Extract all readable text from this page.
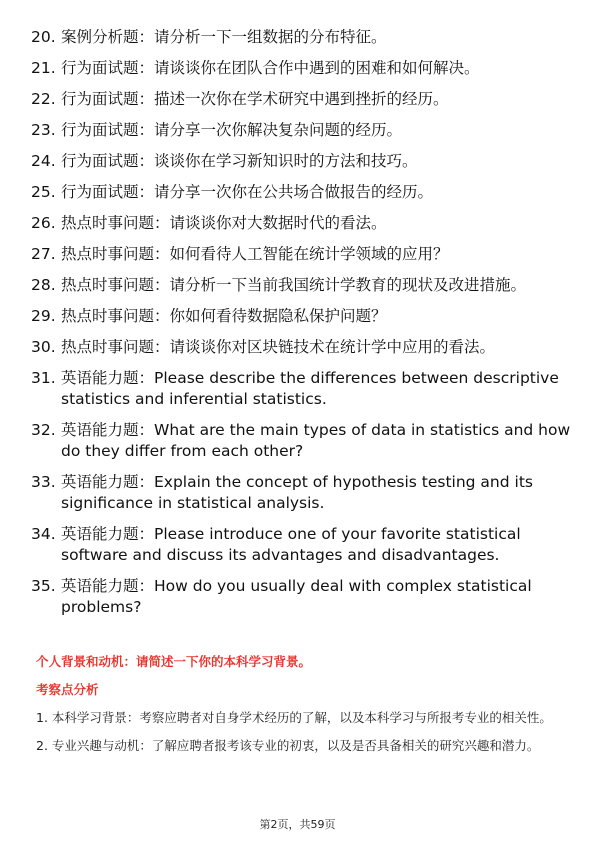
20. 案例分析题：请分析一下一组数据的分布特征。
21. 行为面试题：请谈谈你在团队合作中遇到的困难和如何解决。
22. 行为面试题：描述一次你在学术研究中遇到挫折的经历。
23. 行为面试题：请分享一次你解决复杂问题的经历。
24. 行为面试题：谈谈你在学习新知识时的方法和技巧。
25. 行为面试题：请分享一次你在公共场合做报告的经历。
26. 热点时事问题：请谈谈你对大数据时代的看法。
27. 热点时事问题：如何看待人工智能在统计学领域的应用？
28. 热点时事问题：请分析一下当前我国统计学教育的现状及改进措施。
29. 热点时事问题：你如何看待数据隐私保护问题？
30. 热点时事问题：请谈谈你对区块链技术在统计学中应用的看法。
31. 英语能力题：Please describe the differences between descriptive statistics and inferential statistics.
32. 英语能力题：What are the main types of data in statistics and how do they differ from each other?
33. 英语能力题：Explain the concept of hypothesis testing and its significance in statistical analysis.
34. 英语能力题：Please introduce one of your favorite statistical software and discuss its advantages and disadvantages.
35. 英语能力题：How do you usually deal with complex statistical problems?
个人背景和动机：请简述一下你的本科学习背景。
考察点分析

1. 本科学习背景：考察应聘者对自身学术经历的了解，以及本科学习与所报考专业的相关性。

2. 专业兴趣与动机：了解应聘者报考该专业的初衷，以及是否具备相关的研究兴趣和潜力。

第2页，共59页
